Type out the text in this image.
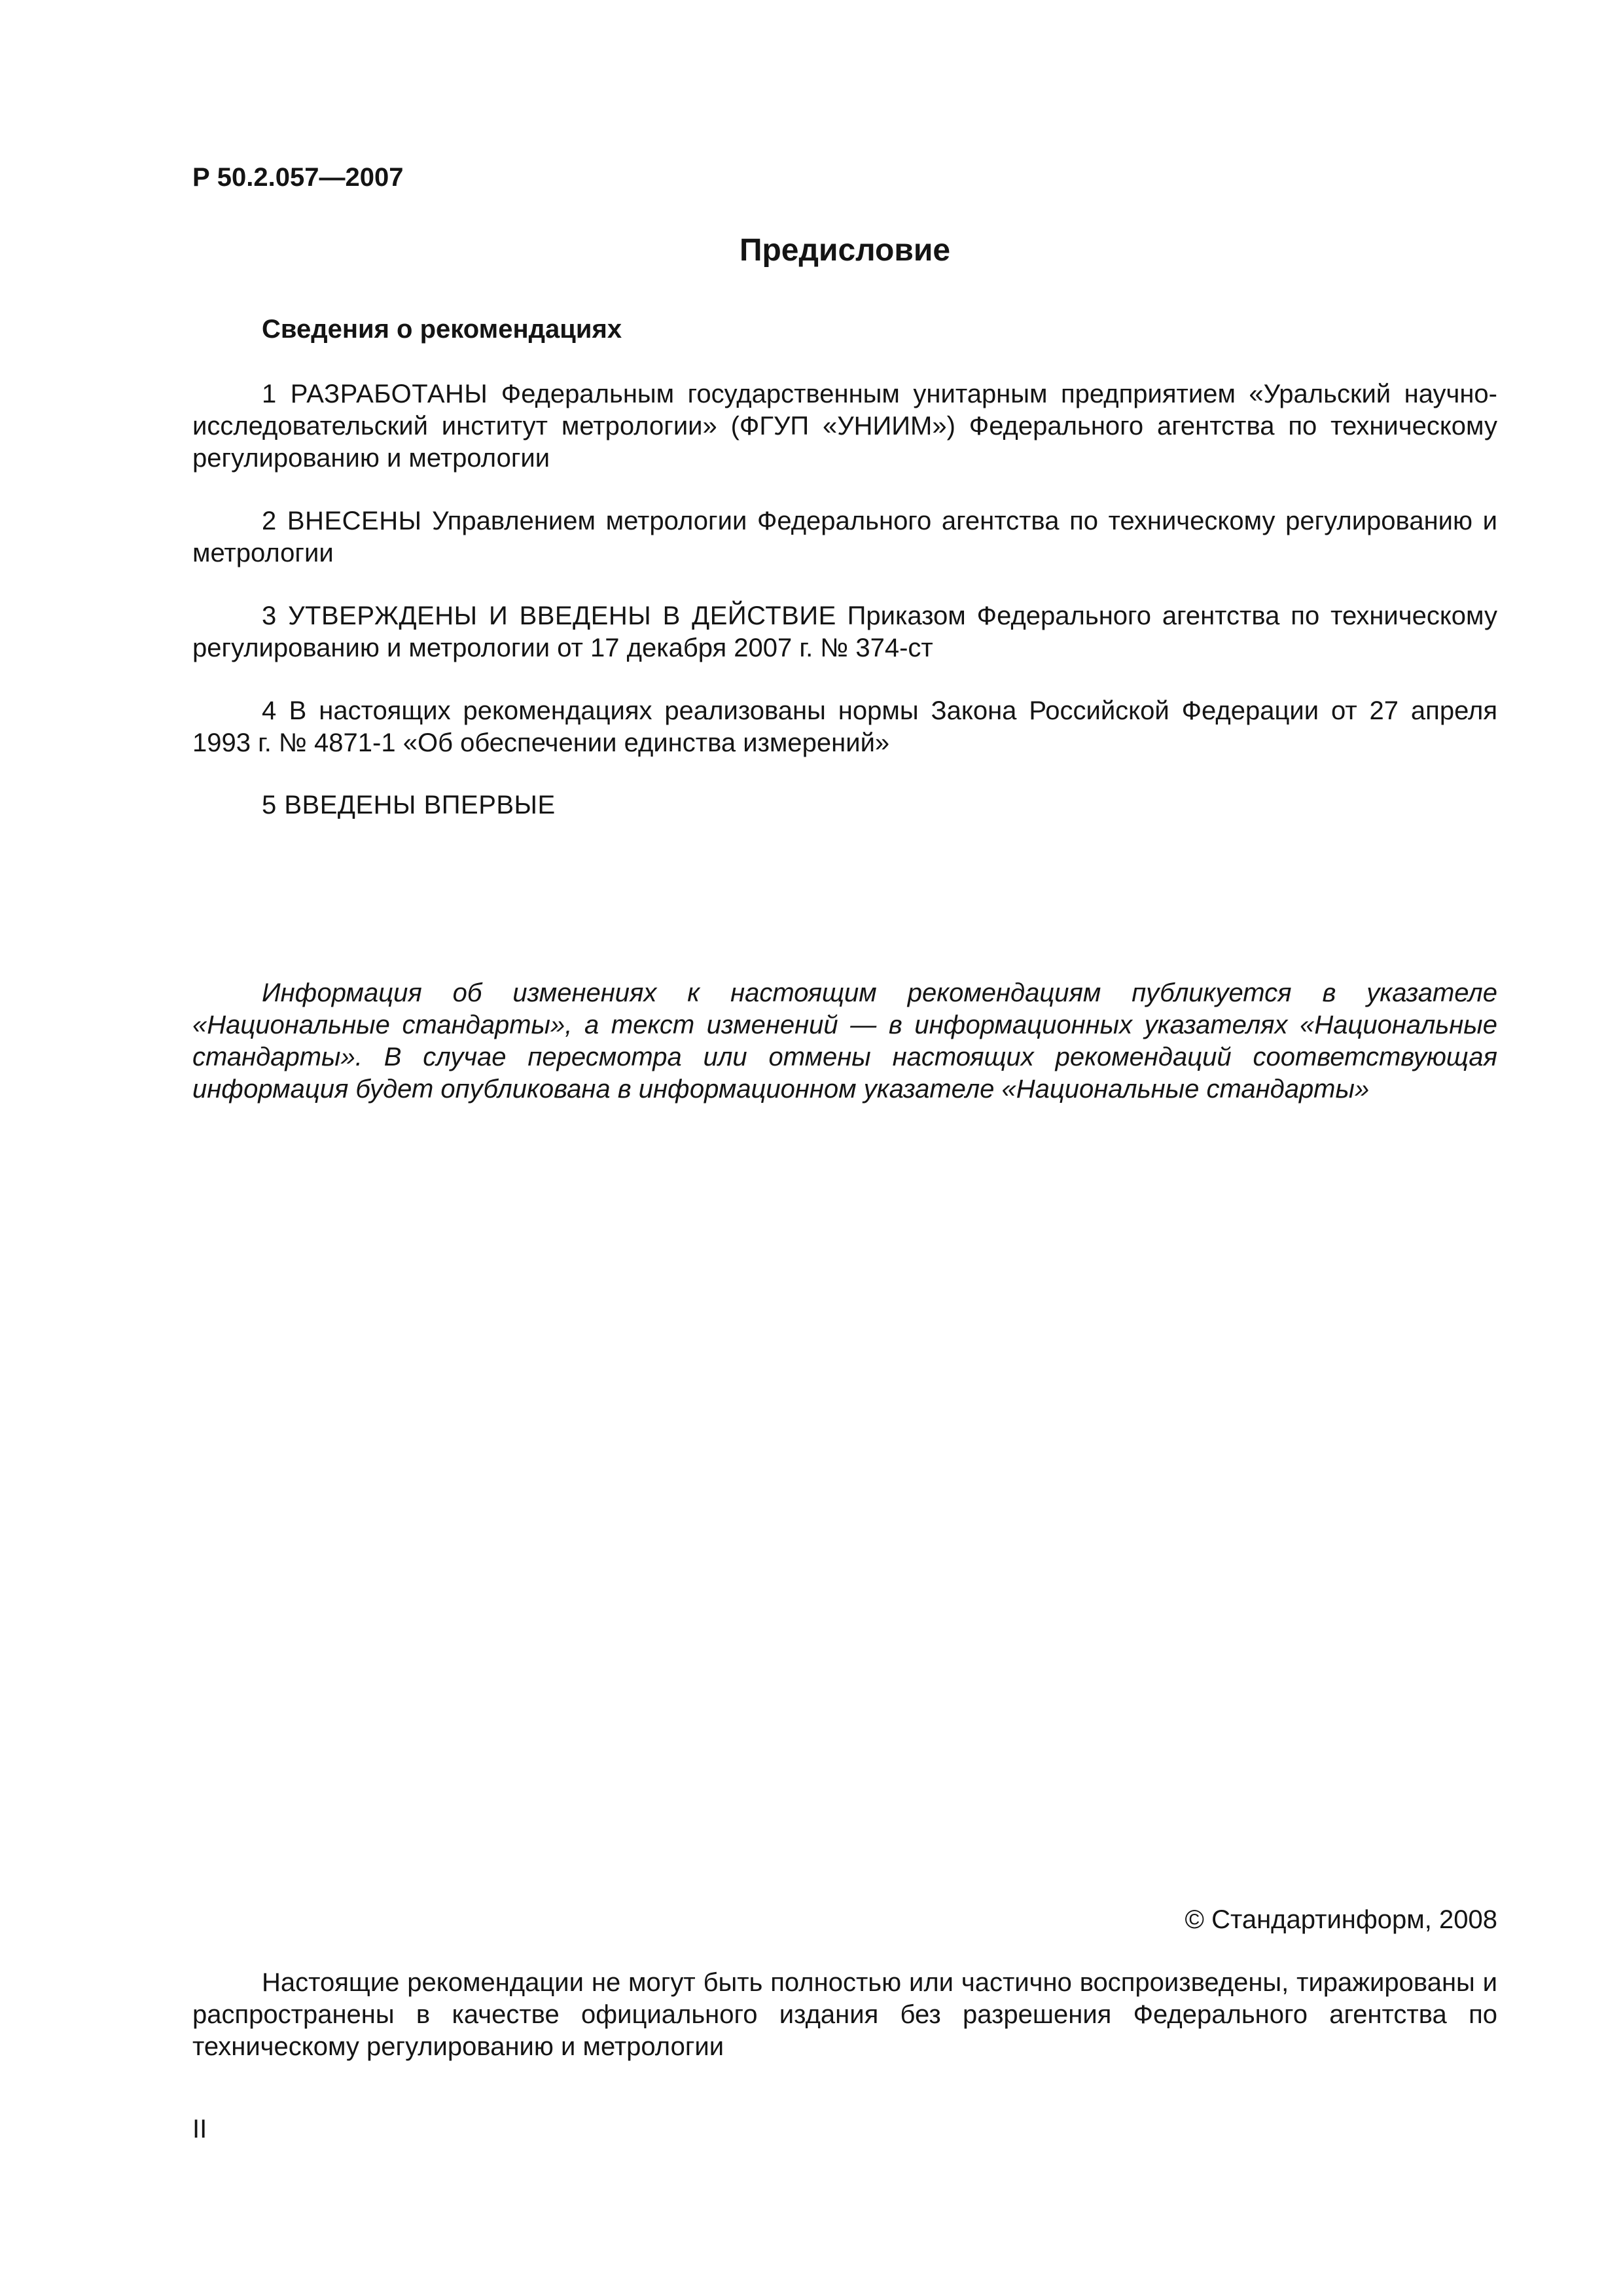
Р 50.2.057—2007
Предисловие
Сведения о рекомендациях
1 РАЗРАБОТАНЫ Федеральным государственным унитарным предприятием «Уральский научно-исследовательский институт метрологии» (ФГУП «УНИИМ») Федерального агентства по техническому регулированию и метрологии
2 ВНЕСЕНЫ Управлением метрологии Федерального агентства по техническому регулированию и метрологии
3 УТВЕРЖДЕНЫ И ВВЕДЕНЫ В ДЕЙСТВИЕ Приказом Федерального агентства по техническому регулированию и метрологии от 17 декабря 2007 г. № 374-ст
4 В настоящих рекомендациях реализованы нормы Закона Российской Федерации от 27 апреля 1993 г. № 4871-1 «Об обеспечении единства измерений»
5 ВВЕДЕНЫ ВПЕРВЫЕ
Информация об изменениях к настоящим рекомендациям публикуется в указателе «Национальные стандарты», а текст изменений — в информационных указателях «Национальные стандарты». В случае пересмотра или отмены настоящих рекомендаций соответствующая информация будет опубликована в информационном указателе «Национальные стандарты»
© Стандартинформ, 2008
Настоящие рекомендации не могут быть полностью или частично воспроизведены, тиражированы и распространены в качестве официального издания без разрешения Федерального агентства по техническому регулированию и метрологии
II
